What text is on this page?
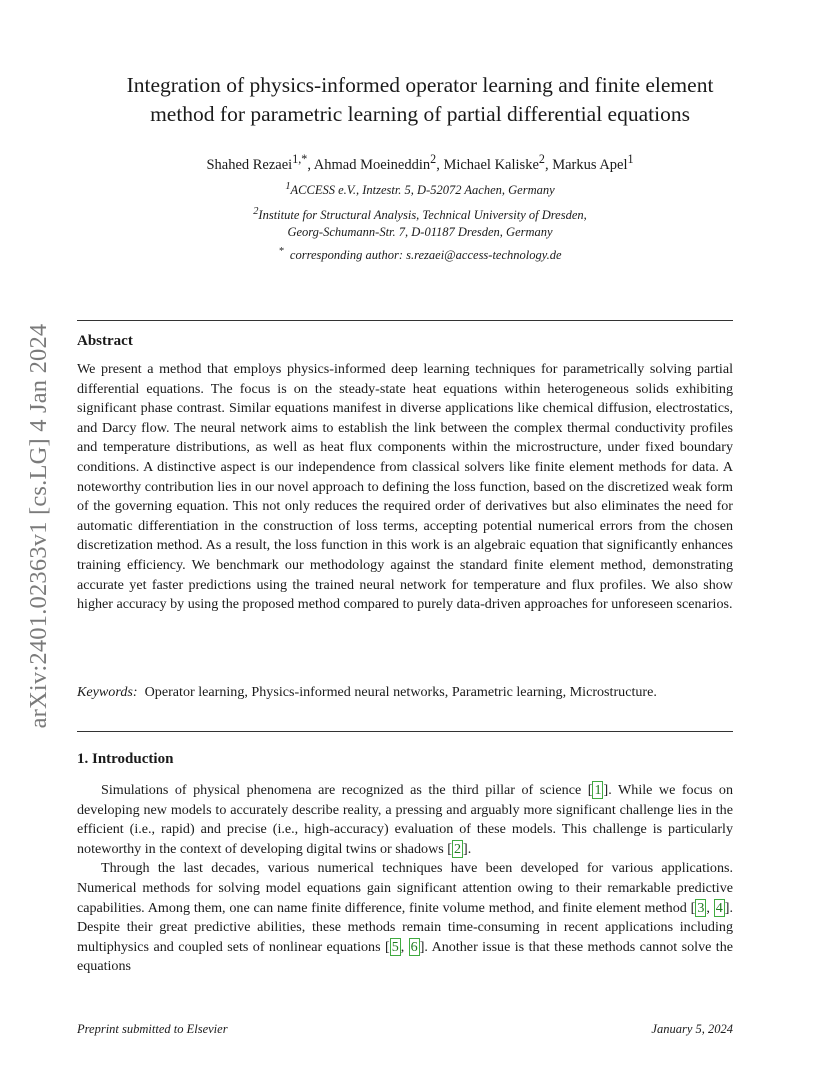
arXiv:2401.02363v1 [cs.LG] 4 Jan 2024
Integration of physics-informed operator learning and finite element
method for parametric learning of partial differential equations
Shahed Rezaei$^{1,*}$, Ahmad Moeineddin$^2$, Michael Kaliske$^2$, Markus Apel$^1$
$^1$ACCESS e.V., Intzestr. 5, D-52072 Aachen, Germany
$^2$Institute for Structural Analysis, Technical University of Dresden,
Georg-Schumann-Str. 7, D-01187 Dresden, Germany
* corresponding author: s.rezaei@access-technology.de
Abstract
We present a method that employs physics-informed deep learning techniques for parametrically solving partial differential equations. The focus is on the steady-state heat equations within heterogeneous solids exhibiting significant phase contrast. Similar equations manifest in diverse applications like chemical diffusion, electrostatics, and Darcy flow. The neural network aims to establish the link between the complex thermal conductivity profiles and temperature distributions, as well as heat flux components within the microstructure, under fixed boundary conditions. A distinctive aspect is our independence from classical solvers like finite element methods for data. A noteworthy contribution lies in our novel approach to defining the loss function, based on the discretized weak form of the governing equation. This not only reduces the required order of derivatives but also eliminates the need for automatic differentiation in the construction of loss terms, accepting potential numerical errors from the chosen discretization method. As a result, the loss function in this work is an algebraic equation that significantly enhances training efficiency. We benchmark our methodology against the standard finite element method, demonstrating accurate yet faster predictions using the trained neural network for temperature and flux profiles. We also show higher accuracy by using the proposed method compared to purely data-driven approaches for unforeseen scenarios.
Keywords: Operator learning, Physics-informed neural networks, Parametric learning, Microstructure.
1. Introduction

Simulations of physical phenomena are recognized as the third pillar of science [ 1 ]. While we focus on developing new models to accurately describe reality, a pressing and arguably more significant challenge lies in the efficient (i.e., rapid) and precise (i.e., high-accuracy) evaluation of these models. This challenge is particularly noteworthy in the context of developing digital twins or shadows [ 2 ].

Through the last decades, various numerical techniques have been developed for various applications. Numerical methods for solving model equations gain significant attention owing to their remarkable predictive capabilities. Among them, one can name finite difference, finite volume method, and finite element method [ 3 , 4 ]. Despite their great predictive abilities, these methods remain time-consuming in recent applications including multiphysics and coupled sets of nonlinear equations [ 5 , 6 ]. Another issue is that these methods cannot solve the equations

Preprint submitted to Elsevier	January 5, 2024
